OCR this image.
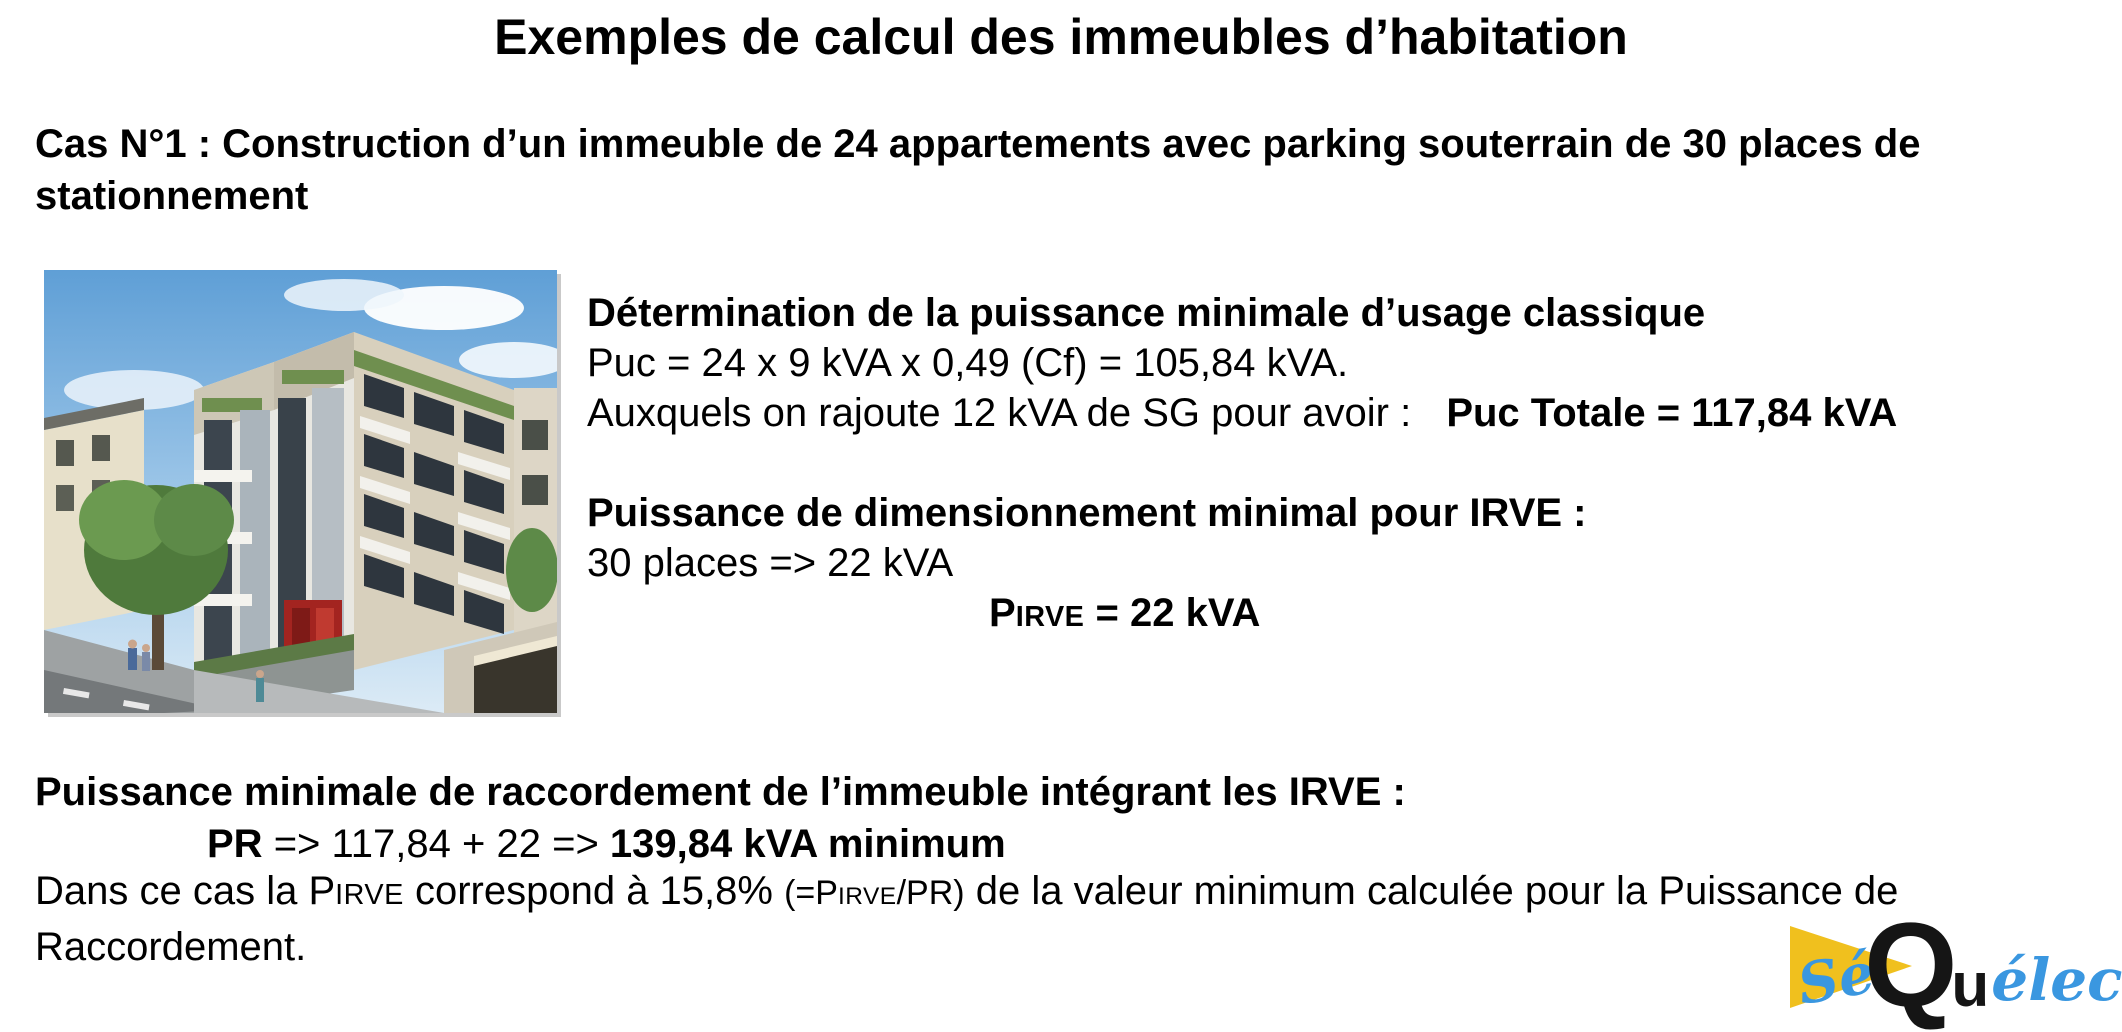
Exemples de calcul des immeubles d’habitation
Cas N°1 : Construction d’un immeuble de 24 appartements avec parking souterrain de 30 places de
stationnement
Détermination de la puissance minimale d’usage classique
Puc = 24 x 9 kVA x 0,49 (Cf) = 105,84 kVA.
Auxquels on rajoute 12 kVA de SG pour avoir : Puc Totale = 117,84 kVA
Puissance de dimensionnement minimal pour IRVE :
30 places => 22 kVA
PIRVE = 22 kVA
Puissance minimale de raccordement de l’immeuble intégrant les IRVE :
PR => 117,84 + 22 => 139,84 kVA minimum
Dans ce cas la PIRVE correspond à 15,8% (=PIRVE/PR) de la valeur minimum calculée pour la Puissance de
Raccordement.	Sé
Q
u élec
